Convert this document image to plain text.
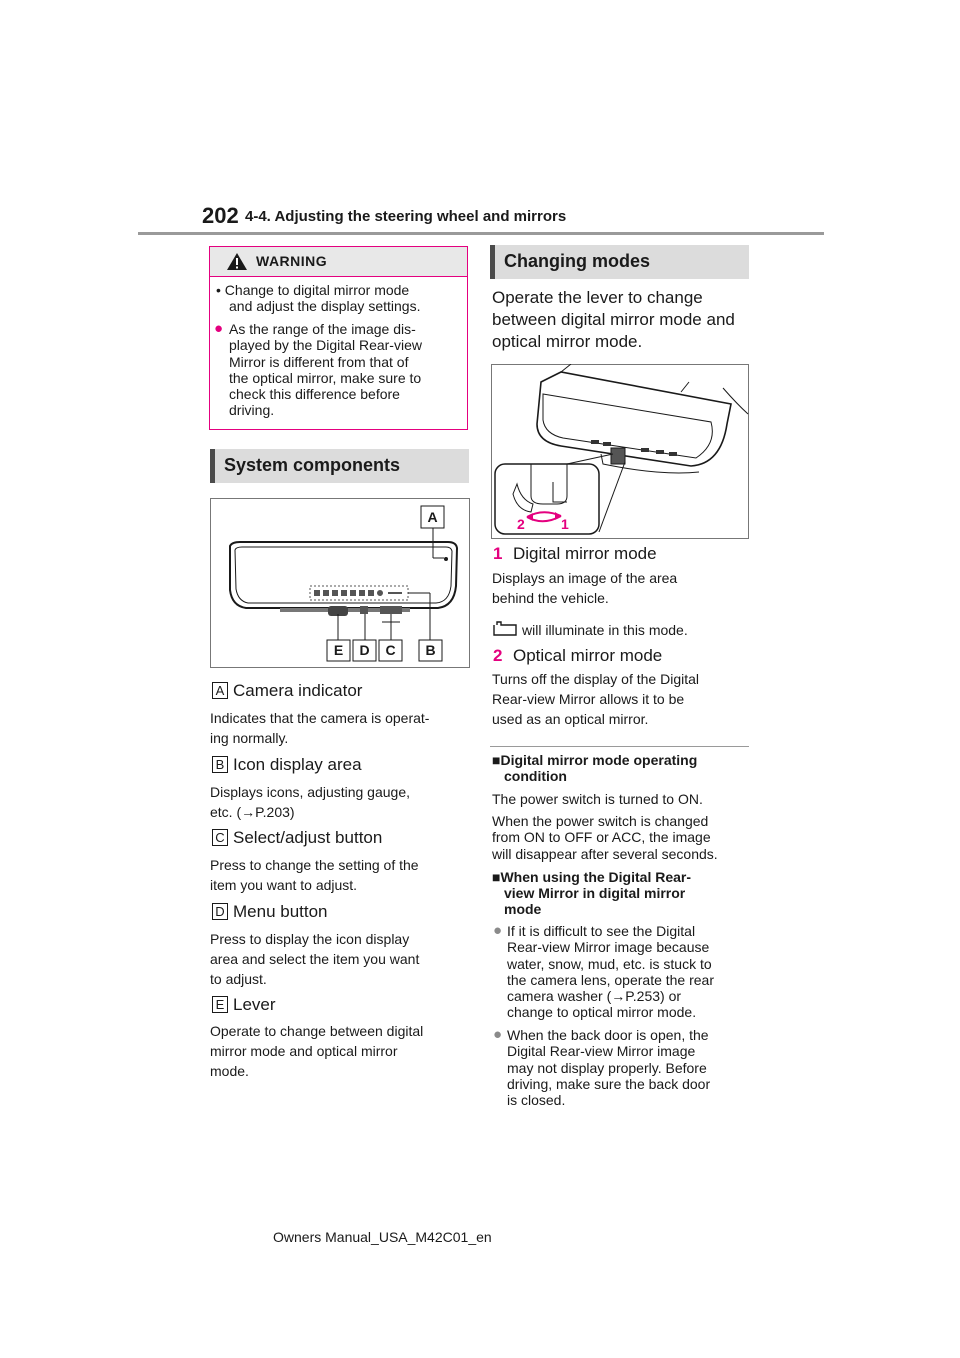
202 4-4. Adjusting the steering wheel and mirrors
WARNING
• Change to digital mirror mode
and adjust the display settings.
● As the range of the image dis-
played by the Digital Rear-view
Mirror is different from that of
the optical mirror, make sure to
check this difference before
driving.
System components
A
E D C B
A Camera indicator
Indicates that the camera is operat-
ing normally.
B Icon display area
Displays icons, adjusting gauge,
etc. (→P.203)
C Select/adjust button
Press to change the setting of the
item you want to adjust.
D Menu button
Press to display the icon display
area and select the item you want
to adjust.
E Lever
Operate to change between digital
mirror mode and optical mirror
mode.
Changing modes
Operate the lever to change
between digital mirror mode and
optical mirror mode.
2	1
1 Digital mirror mode
Displays an image of the area
behind the vehicle.
will illuminate in this mode.
2 Optical mirror mode
Turns off the display of the Digital
Rear-view Mirror allows it to be
used as an optical mirror.
■Digital mirror mode operating
condition
The power switch is turned to ON.
When the power switch is changed
from ON to OFF or ACC, the image
will disappear after several seconds.
■When using the Digital Rear-
view Mirror in digital mirror
mode
● If it is difficult to see the Digital
Rear-view Mirror image because
water, snow, mud, etc. is stuck to
the camera lens, operate the rear
camera washer (→P.253) or
change to optical mirror mode.
● When the back door is open, the
Digital Rear-view Mirror image
may not display properly. Before
driving, make sure the back door
is closed.
Owners Manual_USA_M42C01_en
